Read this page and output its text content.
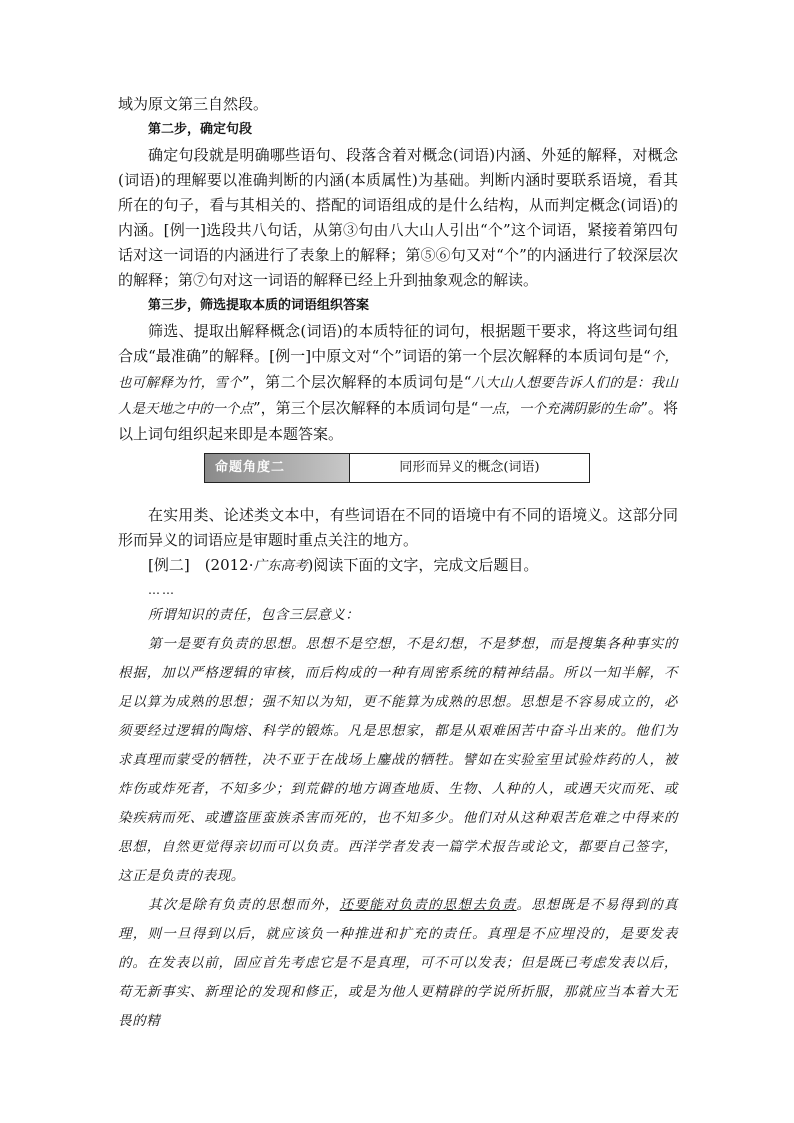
域为原文第三自然段。

第二步，确定句段

确定句段就是明确哪些语句、段落含着对概念(词语)内涵、外延的解释，对概念(词语)的理解要以准确判断的内涵(本质属性)为基础。判断内涵时要联系语境，看其所在的句子，看与其相关的、搭配的词语组成的是什么结构，从而判定概念(词语)的内涵。[例一]选段共八句话，从第③句由八大山人引出“个”这个词语，紧接着第四句话对这一词语的内涵进行了表象上的解释；第⑤⑥句又对“个”的内涵进行了较深层次的解释；第⑦句对这一词语的解释已经上升到抽象观念的解读。

第三步，筛选提取本质的词语组织答案

筛选、提取出解释概念(词语)的本质特征的词句，根据题干要求，将这些词句组合成“最准确”的解释。[例一]中原文对“个”词语的第一个层次解释的本质词句是“个，也可解释为竹，雪个”，第二个层次解释的本质词句是“八大山人想要告诉人们的是：我山人是天地之中的一个点”，第三个层次解释的本质词句是“一点，一个充满阴影的生命”。将以上词句组织起来即是本题答案。

命题角度二	同形而异义的概念(词语)

在实用类、论述类文本中，有些词语在不同的语境中有不同的语境义。这部分同形而异义的词语应是审题时重点关注的地方。

[例二]　(2012·广东高考)阅读下面的文字，完成文后题目。

……

所谓知识的责任，包含三层意义：

第一是要有负责的思想。思想不是空想，不是幻想，不是梦想，而是搜集各种事实的根据，加以严格逻辑的审核，而后构成的一种有周密系统的精神结晶。所以一知半解，不足以算为成熟的思想；强不知以为知，更不能算为成熟的思想。思想是不容易成立的，必须要经过逻辑的陶熔、科学的锻炼。凡是思想家，都是从艰难困苦中奋斗出来的。他们为求真理而蒙受的牺牲，决不亚于在战场上鏖战的牺牲。譬如在实验室里试验炸药的人，被炸伤或炸死者，不知多少；到荒僻的地方调查地质、生物、人种的人，或遇天灾而死、或染疾病而死、或遭盗匪蛮族杀害而死的，也不知多少。他们对从这种艰苦危难之中得来的思想，自然更觉得亲切而可以负责。西洋学者发表一篇学术报告或论文，都要自己签字，这正是负责的表现。

其次是除有负责的思想而外，还要能对负责的思想去负责。思想既是不易得到的真理，则一旦得到以后，就应该负一种推进和扩充的责任。真理是不应埋没的，是要发表的。在发表以前，固应首先考虑它是不是真理，可不可以发表；但是既已考虑发表以后，苟无新事实、新理论的发现和修正，或是为他人更精辟的学说所折服，那就应当本着大无畏的精
